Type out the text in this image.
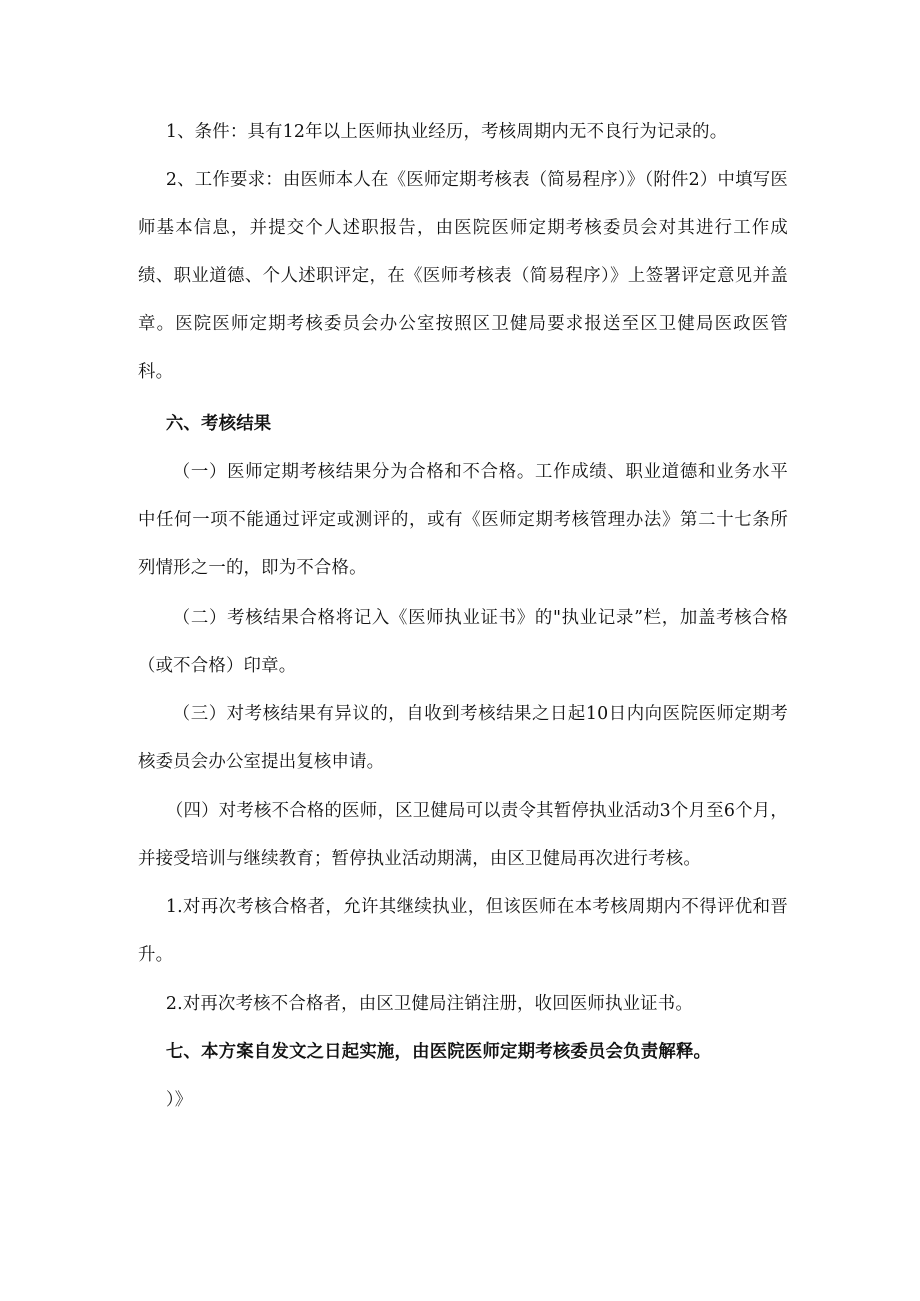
1、条件：具有12年以上医师执业经历，考核周期内无不良行为记录的。

2、工作要求：由医师本人在《医师定期考核表（简易程序）》（附件2）中填写医师基本信息，并提交个人述职报告，由医院医师定期考核委员会对其进行工作成绩、职业道德、个人述职评定，在《医师考核表（简易程序）》上签署评定意见并盖章。医院医师定期考核委员会办公室按照区卫健局要求报送至区卫健局医政医管科。

六、考核结果

（一）医师定期考核结果分为合格和不合格。工作成绩、职业道德和业务水平中任何一项不能通过评定或测评的，或有《医师定期考核管理办法》第二十七条所列情形之一的，即为不合格。

（二）考核结果合格将记入《医师执业证书》的"执业记录”栏，加盖考核合格（或不合格）印章。

（三）对考核结果有异议的，自收到考核结果之日起10日内向医院医师定期考核委员会办公室提出复核申请。

（四）对考核不合格的医师，区卫健局可以责令其暂停执业活动3个月至6个月，并接受培训与继续教育；暂停执业活动期满，由区卫健局再次进行考核。

1.对再次考核合格者，允许其继续执业，但该医师在本考核周期内不得评优和晋升。

2.对再次考核不合格者，由区卫健局注销注册，收回医师执业证书。

七、本方案自发文之日起实施，由医院医师定期考核委员会负责解释。

）》
